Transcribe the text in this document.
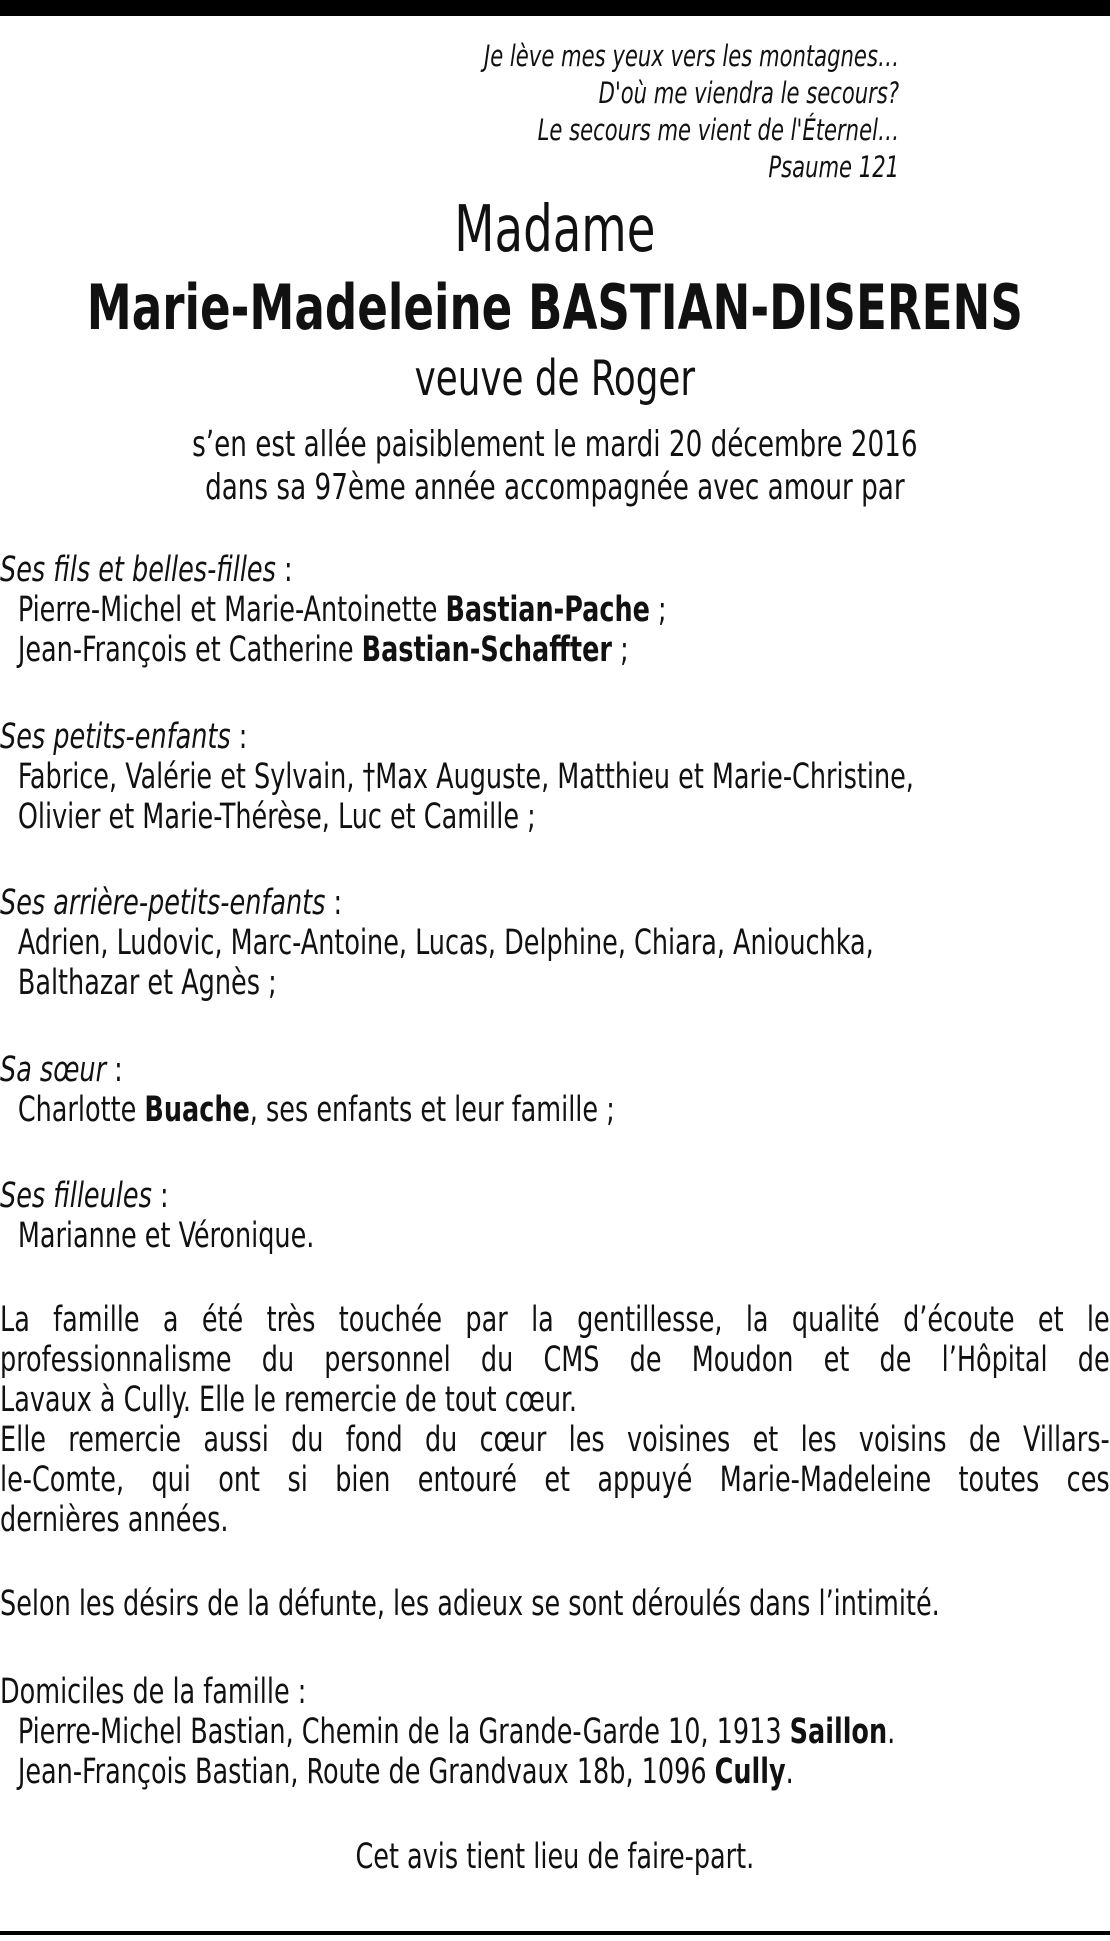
Je lève mes yeux vers les montagnes…
D'où me viendra le secours?
Le secours me vient de l'Éternel…
Psaume 121
Madame
Marie-Madeleine BASTIAN-DISERENS
veuve de Roger
s’en est allée paisiblement le mardi 20 décembre 2016
dans sa 97ème année accompagnée avec amour par
Ses fils et belles-filles :
Pierre-Michel et Marie-Antoinette Bastian-Pache ;
Jean-François et Catherine Bastian-Schaffter ;
Ses petits-enfants :
Fabrice, Valérie et Sylvain, †Max Auguste, Matthieu et Marie-Christine,
Olivier et Marie-Thérèse, Luc et Camille ;
Ses arrière-petits-enfants :
Adrien, Ludovic, Marc-Antoine, Lucas, Delphine, Chiara, Aniouchka,
Balthazar et Agnès ;
Sa sœur :
Charlotte Buache, ses enfants et leur famille ;
Ses filleules :
Marianne et Véronique.
La famille a été très touchée par la gentillesse, la qualité d’écoute et le
professionnalisme du personnel du CMS de Moudon et de l’Hôpital de
Lavaux à Cully. Elle le remercie de tout cœur.
Elle remercie aussi du fond du cœur les voisines et les voisins de Villars-
le-Comte, qui ont si bien entouré et appuyé Marie-Madeleine toutes ces
dernières années.
Selon les désirs de la défunte, les adieux se sont déroulés dans l’intimité.
Domiciles de la famille :
Pierre-Michel Bastian, Chemin de la Grande-Garde 10, 1913 Saillon.
Jean-François Bastian, Route de Grandvaux 18b, 1096 Cully.
Cet avis tient lieu de faire-part.
